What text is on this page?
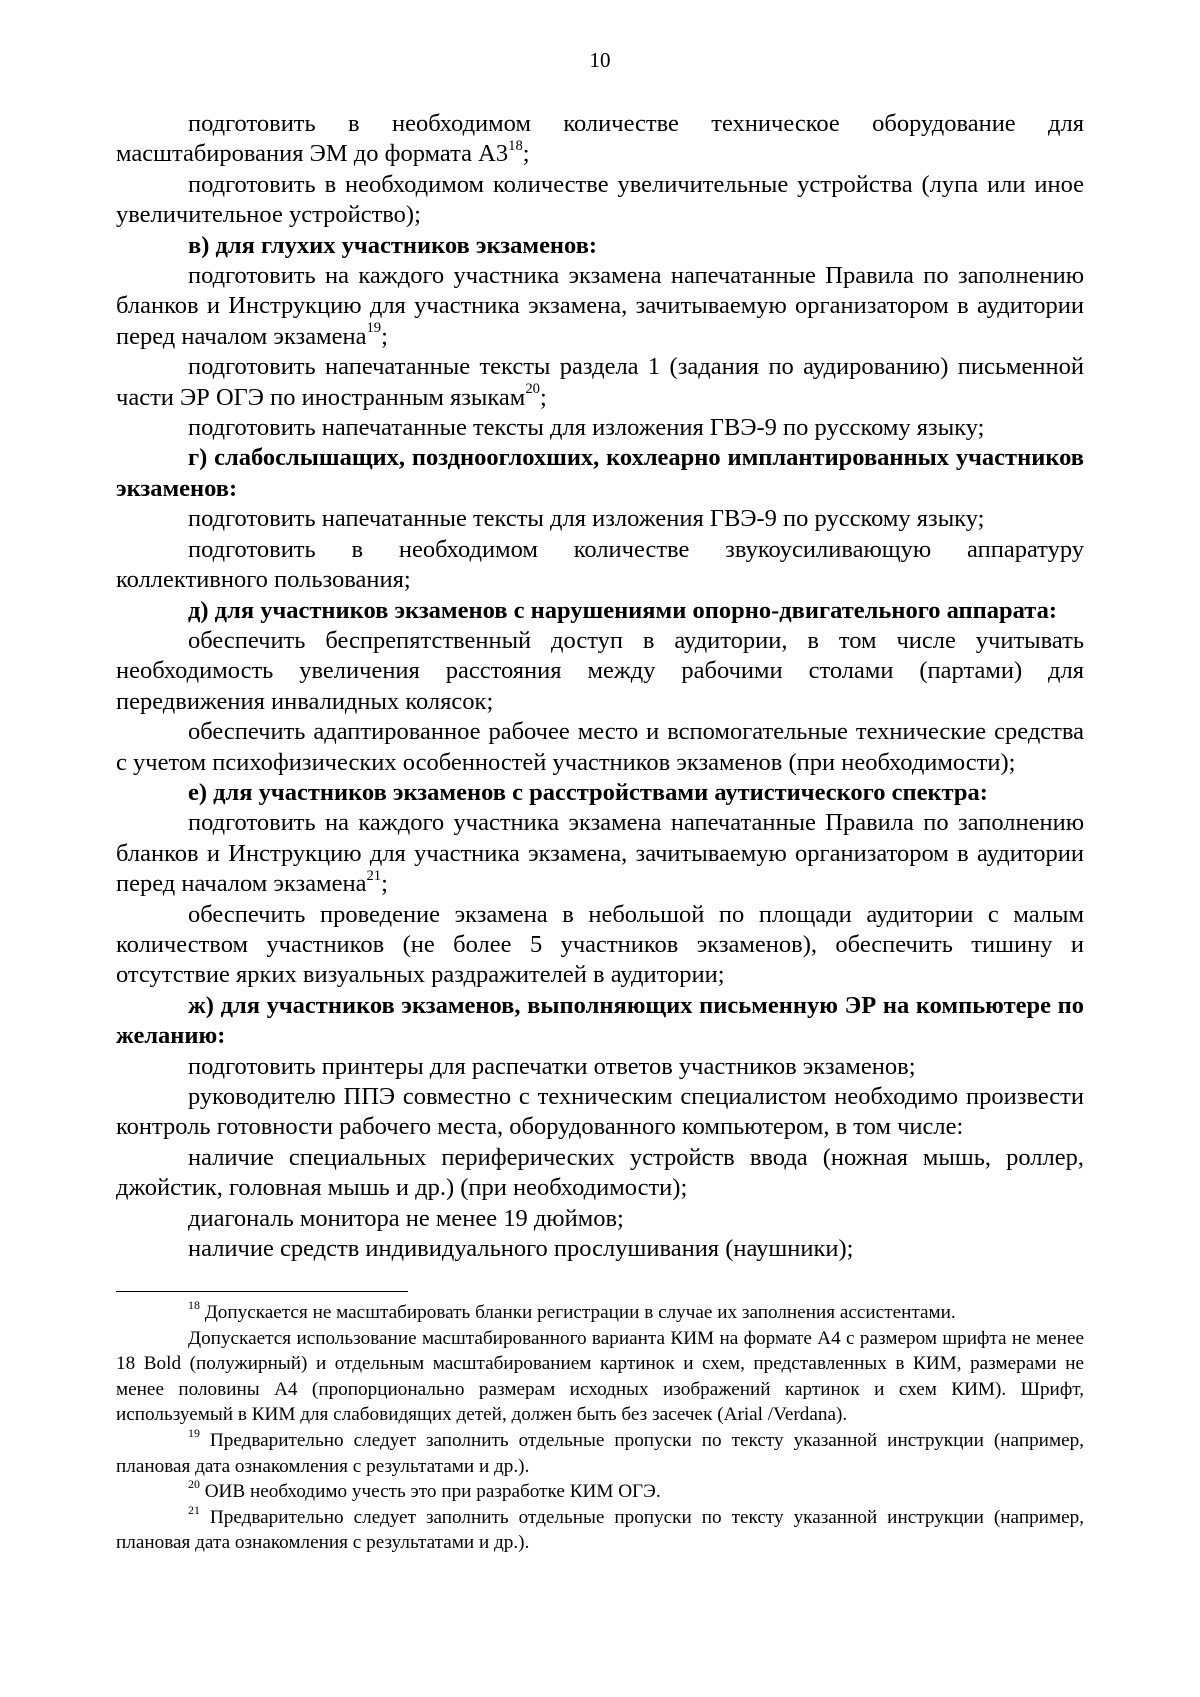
10

подготовить в необходимом количестве техническое оборудование для масштабирования ЭМ до формата $А3^{18}$;

подготовить в необходимом количестве увеличительные устройства (лупа или иное увеличительное устройство);

в) для глухих участников экзаменов:

подготовить на каждого участника экзамена напечатанные Правила по заполнению бланков и Инструкцию для участника экзамена, зачитываемую организатором в аудитории перед началом экзамена$^{19}$;

подготовить напечатанные тексты раздела 1 (задания по аудированию) письменной части ЭР ОГЭ по иностранным языкам$^{20}$;

подготовить напечатанные тексты для изложения ГВЭ-9 по русскому языку;

г) слабослышащих, позднооглохших, кохлеарно имплантированных участников экзаменов:

подготовить напечатанные тексты для изложения ГВЭ-9 по русскому языку;

подготовить в необходимом количестве звукоусиливающую аппаратуру коллективного пользования;

д) для участников экзаменов с нарушениями опорно-двигательного аппарата:

обеспечить беспрепятственный доступ в аудитории, в том числе учитывать необходимость увеличения расстояния между рабочими столами (партами) для передвижения инвалидных колясок;

обеспечить адаптированное рабочее место и вспомогательные технические средства с учетом психофизических особенностей участников экзаменов (при необходимости);

е) для участников экзаменов с расстройствами аутистического спектра:

подготовить на каждого участника экзамена напечатанные Правила по заполнению бланков и Инструкцию для участника экзамена, зачитываемую организатором в аудитории перед началом экзамена$^{21}$;

обеспечить проведение экзамена в небольшой по площади аудитории с малым количеством участников (не более 5 участников экзаменов), обеспечить тишину и отсутствие ярких визуальных раздражителей в аудитории;

ж) для участников экзаменов, выполняющих письменную ЭР на компьютере по желанию:

подготовить принтеры для распечатки ответов участников экзаменов;

руководителю ППЭ совместно с техническим специалистом необходимо произвести контроль готовности рабочего места, оборудованного компьютером, в том числе:

наличие специальных периферических устройств ввода (ножная мышь, роллер, джойстик, головная мышь и др.) (при необходимости);

диагональ монитора не менее 19 дюймов;

наличие средств индивидуального прослушивания (наушники);

$^{18}$ Допускается не масштабировать бланки регистрации в случае их заполнения ассистентами.

Допускается использование масштабированного варианта КИМ на формате А4 с размером шрифта не менее 18 Bold (полужирный) и отдельным масштабированием картинок и схем, представленных в КИМ, размерами не менее половины А4 (пропорционально размерам исходных изображений картинок и схем КИМ). Шрифт, используемый в КИМ для слабовидящих детей, должен быть без засечек (Arial /Verdana).

$^{19}$ Предварительно следует заполнить отдельные пропуски по тексту указанной инструкции (например, плановая дата ознакомления с результатами и др.).

$^{20}$ ОИВ необходимо учесть это при разработке КИМ ОГЭ.

$^{21}$ Предварительно следует заполнить отдельные пропуски по тексту указанной инструкции (например, плановая дата ознакомления с результатами и др.).
